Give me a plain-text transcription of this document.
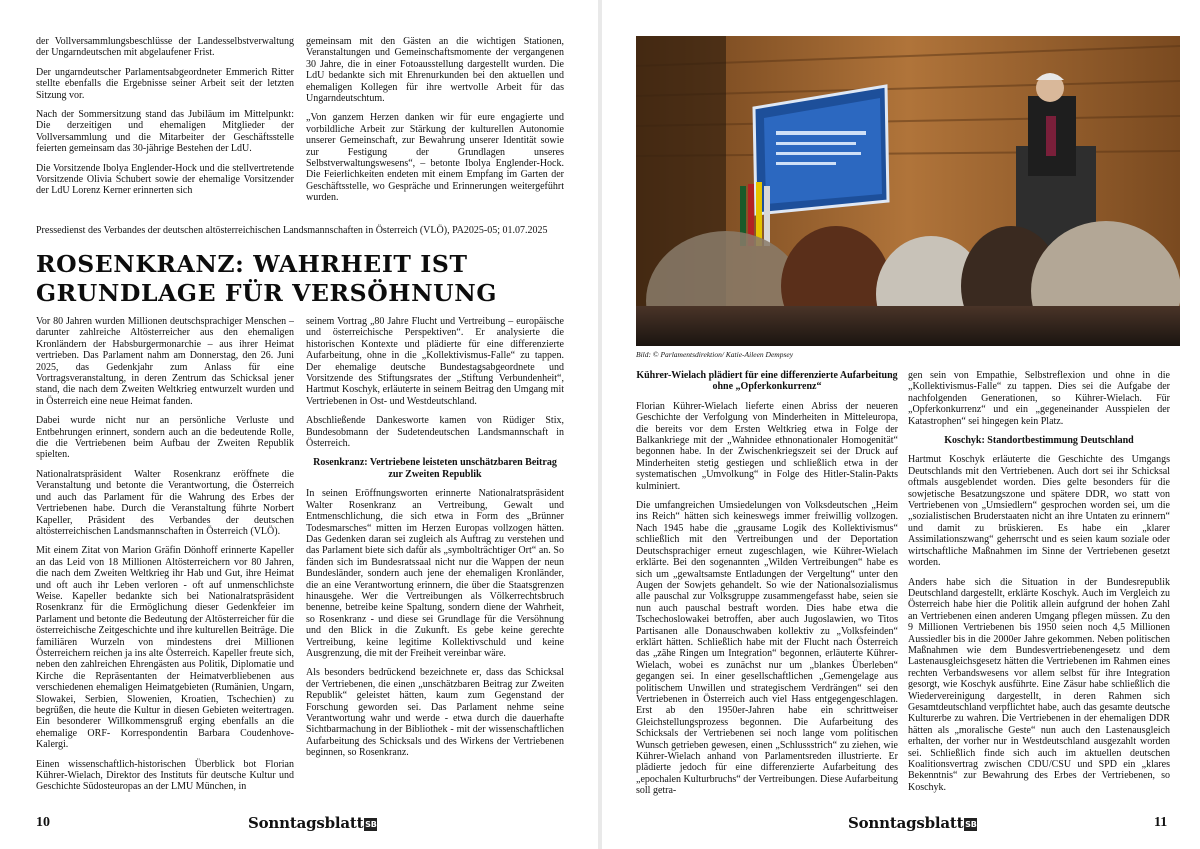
der Vollversammlungsbeschlüsse der Landesselbstverwaltung der Ungarndeutschen mit abgelaufener Frist.

Der ungarndeutscher Parlamentsabgeordneter Emmerich Ritter stellte ebenfalls die Ergebnisse seiner Arbeit seit der letzten Sitzung vor.

Nach der Sommersitzung stand das Jubiläum im Mittelpunkt: Die derzeitigen und ehemaligen Mitglieder der Vollversammlung und die Mitarbeiter der Geschäftsstelle feierten gemeinsam das 30-jährige Bestehen der LdU.

Die Vorsitzende Ibolya Englender-Hock und die stellvertretende Vorsitzende Olivia Schubert sowie der ehemalige Vorsitzender der LdU Lorenz Kerner erinnerten sich

gemeinsam mit den Gästen an die wichtigen Stationen, Veranstaltungen und Gemeinschaftsmomente der vergangenen 30 Jahre, die in einer Fotoausstellung dargestellt wurden. Die LdU bedankte sich mit Ehrenurkunden bei den aktuellen und ehemaligen Kollegen für ihre wertvolle Arbeit für das Ungarndeutschtum.

„Von ganzem Herzen danken wir für eure engagierte und vorbildliche Arbeit zur Stärkung der kulturellen Autonomie unserer Gemeinschaft, zur Bewahrung unserer Identität sowie zur Festigung der Grundlagen unseres Selbstverwaltungswesens“, – betonte Ibolya Englender-Hock. Die Feierlichkeiten endeten mit einem Empfang im Garten der Geschäftsstelle, wo Gespräche und Erinnerungen weitergeführt wurden.

Pressedienst des Verbandes der deutschen altösterreichischen Landsmannschaften in Österreich (VLÖ), PA2025-05; 01.07.2025
ROSENKRANZ: WAHRHEIT IST GRUNDLAGE FÜR VERSÖHNUNG

Vor 80 Jahren wurden Millionen deutschsprachiger Menschen – darunter zahlreiche Altösterreicher aus den ehemaligen Kronländern der Habsburgermonarchie – aus ihrer Heimat vertrieben. Das Parlament nahm am Donnerstag, den 26. Juni 2025, das Gedenkjahr zum Anlass für eine Vortragsveranstaltung, in deren Zentrum das Schicksal jener stand, die nach dem Zweiten Weltkrieg entwurzelt wurden und in Österreich eine neue Heimat fanden.

Dabei wurde nicht nur an persönliche Verluste und Entbehrungen erinnert, sondern auch an die bedeutende Rolle, die die Vertriebenen beim Aufbau der Zweiten Republik spielten.

Nationalratspräsident Walter Rosenkranz eröffnete die Veranstaltung und betonte die Verantwortung, die Österreich und auch das Parlament für die Wahrung des Erbes der Vertriebenen habe. Durch die Veranstaltung führte Norbert Kapeller, Präsident des Verbandes der deutschen altösterreichischen Landsmannschaften in Österreich (VLÖ).

Mit einem Zitat von Marion Gräfin Dönhoff erinnerte Kapeller an das Leid von 18 Millionen Altösterreichern vor 80 Jahren, die nach dem Zweiten Weltkrieg ihr Hab und Gut, ihre Heimat und oft auch ihr Leben verloren - oft auf unmenschlichste Weise. Kapeller bedankte sich bei Nationalratspräsident Rosenkranz für die Ermöglichung dieser Gedenkfeier im Parlament und betonte die Bedeutung der Altösterreicher für die österreichische Zeitgeschichte und ihre kulturellen Beiträge. Die familiären Wurzeln von mindestens drei Millionen Österreichern reichen ja ins alte Österreich. Kapeller freute sich, neben den zahlreichen Ehrengästen aus Politik, Diplomatie und Kirche die Repräsentanten der Heimatverbliebenen aus verschiedenen ehemaligen Heimatgebieten (Rumänien, Ungarn, Slowakei, Serbien, Slowenien, Kroatien, Tschechien) zu begrüßen, die heute die Kultur in diesen Gebieten weitertragen. Ein besonderer Willkommensgruß erging ebenfalls an die ehemalige ORF- Korrespondentin Barbara Coudenhove-Kalergi.

Einen wissenschaftlich-historischen Überblick bot Florian Kührer-Wielach, Direktor des Instituts für deutsche Kultur und Geschichte Südosteuropas an der LMU München, in

seinem Vortrag „80 Jahre Flucht und Vertreibung – europäische und österreichische Perspektiven“. Er analysierte die historischen Kontexte und plädierte für eine differenzierte Aufarbeitung, ohne in die „Kollektivismus-Falle“ zu tappen. Der ehemalige deutsche Bundestagsabgeordnete und Vorsitzende des Stiftungsrates der „Stiftung Verbundenheit“, Hartmut Koschyk, erläuterte in seinem Beitrag den Umgang mit Vertriebenen in Ost- und Westdeutschland.

Abschließende Dankesworte kamen von Rüdiger Stix, Bundesobmann der Sudetendeutschen Landsmannschaft in Österreich.

Rosenkranz: Vertriebene leisteten unschätzbaren Beitrag zur Zweiten Republik

In seinen Eröffnungsworten erinnerte Nationalratspräsident Walter Rosenkranz an Vertreibung, Gewalt und Entmenschlichung, die sich etwa in Form des „Brünner Todesmarsches“ mitten im Herzen Europas vollzogen hätten. Das Gedenken daran sei zugleich als Auftrag zu verstehen und das Parlament biete sich dafür als „symbolträchtiger Ort“ an. So fänden sich im Bundesratssaal nicht nur die Wappen der neun Bundesländer, sondern auch jene der ehemaligen Kronländer, die an eine Verantwortung erinnern, die über die Staatsgrenzen hinausgehe. Wer die Vertreibungen als Völkerrechtsbruch benenne, betreibe keine Spaltung, sondern diene der Wahrheit, so Rosenkranz - und diese sei Grundlage für die Versöhnung und den Blick in die Zukunft. Es gebe keine gerechte Vertreibung, keine legitime Kollektivschuld und keine Ausgrenzung, die mit der Freiheit vereinbar wäre.

Als besonders bedrückend bezeichnete er, dass das Schicksal der Vertriebenen, die einen „unschätzbaren Beitrag zur Zweiten Republik“ geleistet hätten, kaum zum Gegenstand der Forschung geworden sei. Das Parlament nehme seine Verantwortung wahr und werde - etwa durch die dauerhafte Sichtbarmachung in der Bibliothek - mit der wissenschaftlichen Aufarbeitung des Schicksals und des Wirkens der Vertriebenen beginnen, so Rosenkranz.

10	Sonntagsblatt SB
Bild: © Parlamentsdirektion/ Katie-Aileen Dempsey
Kührer-Wielach plädiert für eine differenzierte Aufarbeitung ohne „Opferkonkurrenz“

Florian Kührer-Wielach lieferte einen Abriss der neueren Geschichte der Verfolgung von Minderheiten in Mitteleuropa, die bereits vor dem Ersten Weltkrieg etwa in Folge der Balkankriege mit der „Wahnidee ethnonationaler Homogenität“ begonnen habe. In der Zwischenkriegszeit sei der Druck auf Minderheiten stetig gestiegen und schließlich etwa in der systematischen „Umvolkung“ in Folge des Hitler-Stalin-Pakts kulminiert.

Die umfangreichen Umsiedelungen von Volksdeutschen „Heim ins Reich“ hätten sich keineswegs immer freiwillig vollzogen. Nach 1945 habe die „grausame Logik des Kollektivismus“ schließlich mit den Vertreibungen und der Deportation Deutschsprachiger erneut zugeschlagen, wie Kührer-Wielach erklärte. Bei den sogenannten „Wilden Vertreibungen“ habe es sich um „gewaltsamste Entladungen der Vergeltung“ unter den Augen der Sowjets gehandelt. So wie der Nationalsozialismus alle pauschal zur Volksgruppe zusammengefasst habe, seien sie nun auch pauschal bestraft worden. Dies habe etwa die Tschechoslowakei betroffen, aber auch Jugoslawien, wo Titos Partisanen alle Donauschwaben kollektiv zu „Volksfeinden“ erklärt hätten. Schließlich habe mit der Flucht nach Österreich das „zähe Ringen um Integration“ begonnen, erläuterte Kührer-Wielach, wobei es zunächst nur um „blankes Überleben“ gegangen sei. In einer gesellschaftlichen „Gemengelage aus politischem Unwillen und strategischem Verdrängen“ sei den Vertriebenen in Österreich auch viel Hass entgegengeschlagen. Erst ab den 1950er-Jahren habe ein schrittweiser Gleichstellungsprozess begonnen. Die Aufarbeitung des Schicksals der Vertriebenen sei noch lange vom politischen Wunsch getrieben gewesen, einen „Schlussstrich“ zu ziehen, wie Kührer-Wielach anhand von Parlamentsreden illustrierte. Er plädierte jedoch für eine differenzierte Aufarbeitung des „epochalen Kulturbruchs“ der Vertreibungen. Diese Aufarbeitung soll getra-

gen sein von Empathie, Selbstreflexion und ohne in die „Kollektivismus-Falle“ zu tappen. Dies sei die Aufgabe der nachfolgenden Generationen, so Kührer-Wielach. Für „Opferkonkurrenz“ und ein „gegeneinander Ausspielen der Katastrophen“ sei hingegen kein Platz.

Koschyk: Standortbestimmung Deutschland

Hartmut Koschyk erläuterte die Geschichte des Umgangs Deutschlands mit den Vertriebenen. Auch dort sei ihr Schicksal oftmals ausgeblendet worden. Dies gelte besonders für die sowjetische Besatzungszone und spätere DDR, wo statt von Vertriebenen von „Umsiedlern“ gesprochen worden sei, um die „sozialistischen Bruderstaaten nicht an ihre Untaten zu erinnern“ und damit zu brüskieren. Es habe ein „klarer Assimilationszwang“ geherrscht und es seien kaum soziale oder wirtschaftliche Maßnahmen im Sinne der Vertriebenen gesetzt worden.

Anders habe sich die Situation in der Bundesrepublik Deutschland dargestellt, erklärte Koschyk. Auch im Vergleich zu Österreich habe hier die Politik allein aufgrund der hohen Zahl an Vertriebenen einen anderen Umgang pflegen müssen. Zu den 9 Millionen Vertriebenen bis 1950 seien noch 4,5 Millionen Aussiedler bis in die 2000er Jahre gekommen. Neben politischen Maßnahmen wie dem Bundesvertriebenengesetz und dem Lastenausgleichsgesetz hätten die Vertriebenen im Rahmen eines rechten Verbandswesens vor allem selbst für ihre Integration gesorgt, wie Koschyk ausführte. Eine Zäsur habe schließlich die Wiedervereinigung dargestellt, in deren Rahmen sich Gesamtdeutschland verpflichtet habe, auch das gesamte deutsche Kulturerbe zu wahren. Die Vertriebenen in der ehemaligen DDR hätten als „moralische Geste“ nun auch den Lastenausgleich erhalten, der vorher nur in Westdeutschland ausgezahlt worden sei. Schließlich finde sich auch im aktuellen deutschen Koalitionsvertrag zwischen CDU/CSU und SPD ein „klares Bekenntnis“ zur Bewahrung des Erbes der Vertriebenen, so Koschyk.

Sonntagsblatt SB	11
